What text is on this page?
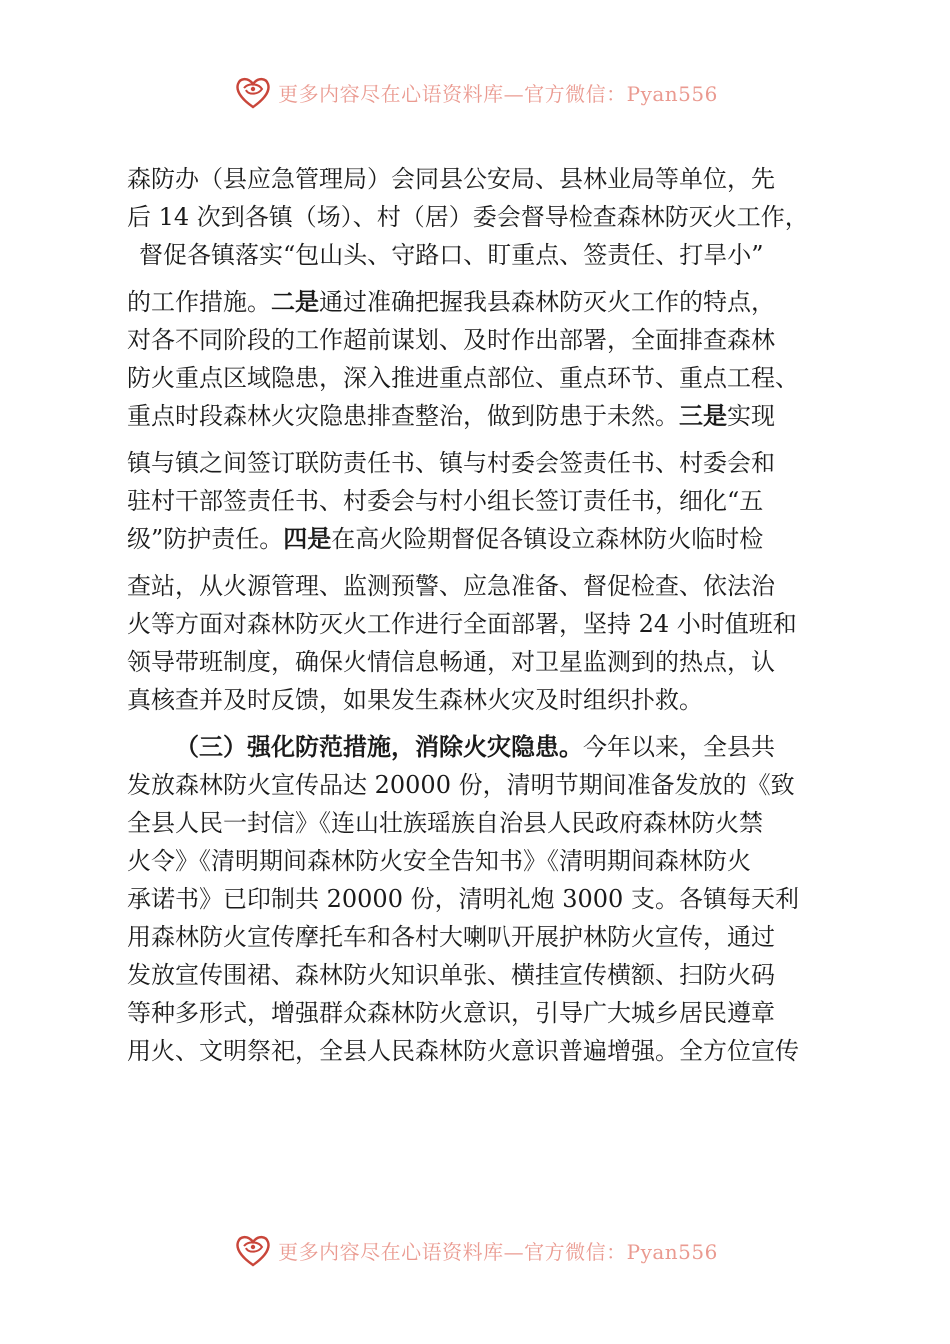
更多内容尽在心语资料库—官方微信：Pyan556
森防办（县应急管理局）会同县公安局、县林业局等单位，先
后 14 次到各镇（场）、村（居）委会督导检查森林防灭火工作，
督促各镇落实“包山头、守路口、盯重点、签责任、打旱小”
的工作措施。二是通过准确把握我县森林防灭火工作的特点，
对各不同阶段的工作超前谋划、及时作出部署，全面排查森林
防火重点区域隐患，深入推进重点部位、重点环节、重点工程、
重点时段森林火灾隐患排查整治，做到防患于未然。三是实现
镇与镇之间签订联防责任书、镇与村委会签责任书、村委会和
驻村干部签责任书、村委会与村小组长签订责任书，细化“五
级”防护责任。四是在高火险期督促各镇设立森林防火临时检
查站，从火源管理、监测预警、应急准备、督促检查、依法治
火等方面对森林防灭火工作进行全面部署，坚持 24 小时值班和
领导带班制度，确保火情信息畅通，对卫星监测到的热点，认
真核查并及时反馈，如果发生森林火灾及时组织扑救。
（三）强化防范措施，消除火灾隐患。今年以来，全县共
发放森林防火宣传品达 20000 份，清明节期间准备发放的《致
全县人民一封信》《连山壮族瑶族自治县人民政府森林防火禁
火令》《清明期间森林防火安全告知书》《清明期间森林防火
承诺书》已印制共 20000 份，清明礼炮 3000 支。各镇每天利
用森林防火宣传摩托车和各村大喇叭开展护林防火宣传，通过
发放宣传围裙、森林防火知识单张、横挂宣传横额、扫防火码
等种多形式，增强群众森林防火意识，引导广大城乡居民遵章
用火、文明祭祀，全县人民森林防火意识普遍增强。全方位宣传
更多内容尽在心语资料库—官方微信：Pyan556
